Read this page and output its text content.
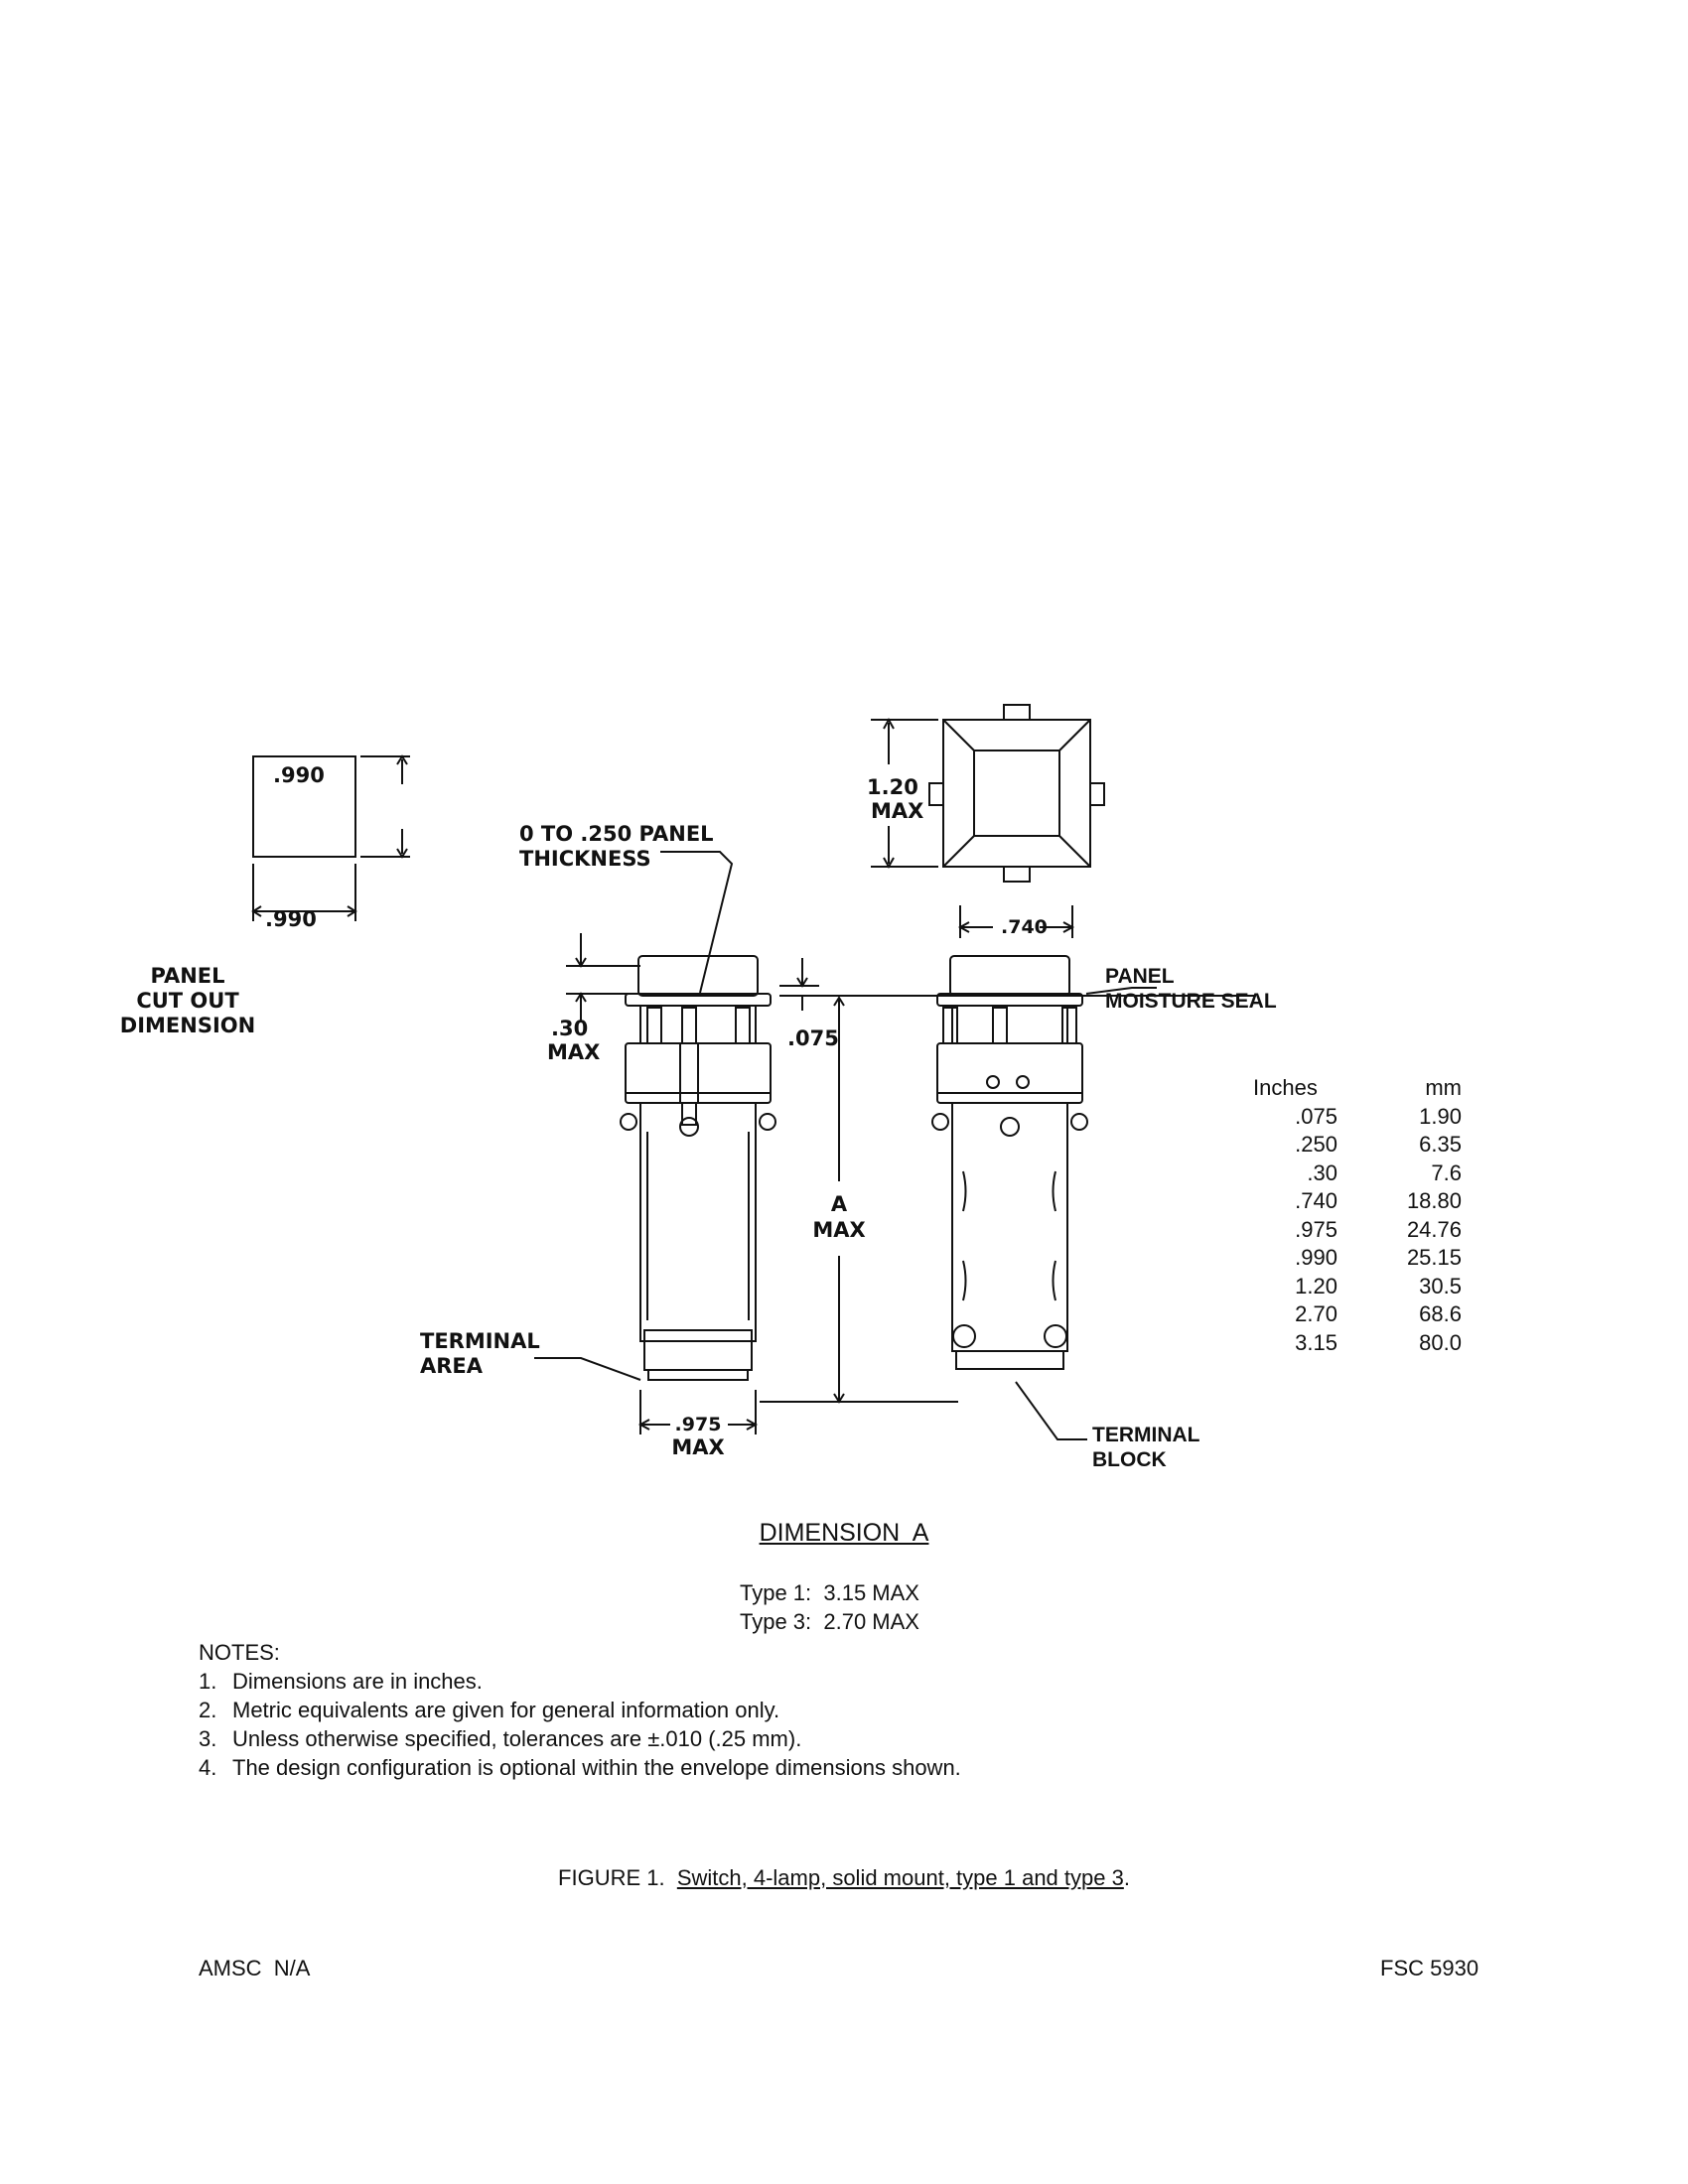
.990
.990
PANEL
CUT OUT
DIMENSION
0 TO .250 PANEL
THICKNESS
1.20
MAX
.740
.30
MAX
.075
A
MAX
TERMINAL
AREA
.975
MAX
PANEL
MOISTURE SEAL
TERMINAL
BLOCK
Inches	mm
.075	1.90
.250	6.35
.30	7.6
.740	18.80
.975	24.76
.990	25.15
1.20	30.5
2.70	68.6
3.15	80.0
DIMENSION  A
Type 1:  3.15 MAX
Type 3:  2.70 MAX
NOTES:
1. Dimensions are in inches.
2. Metric equivalents are given for general information only.
3. Unless otherwise specified, tolerances are ±.010 (.25 mm).
4. The design configuration is optional within the envelope dimensions shown.
FIGURE 1.  Switch, 4-lamp, solid mount, type 1 and type 3.
AMSC  N/A	FSC 5930
